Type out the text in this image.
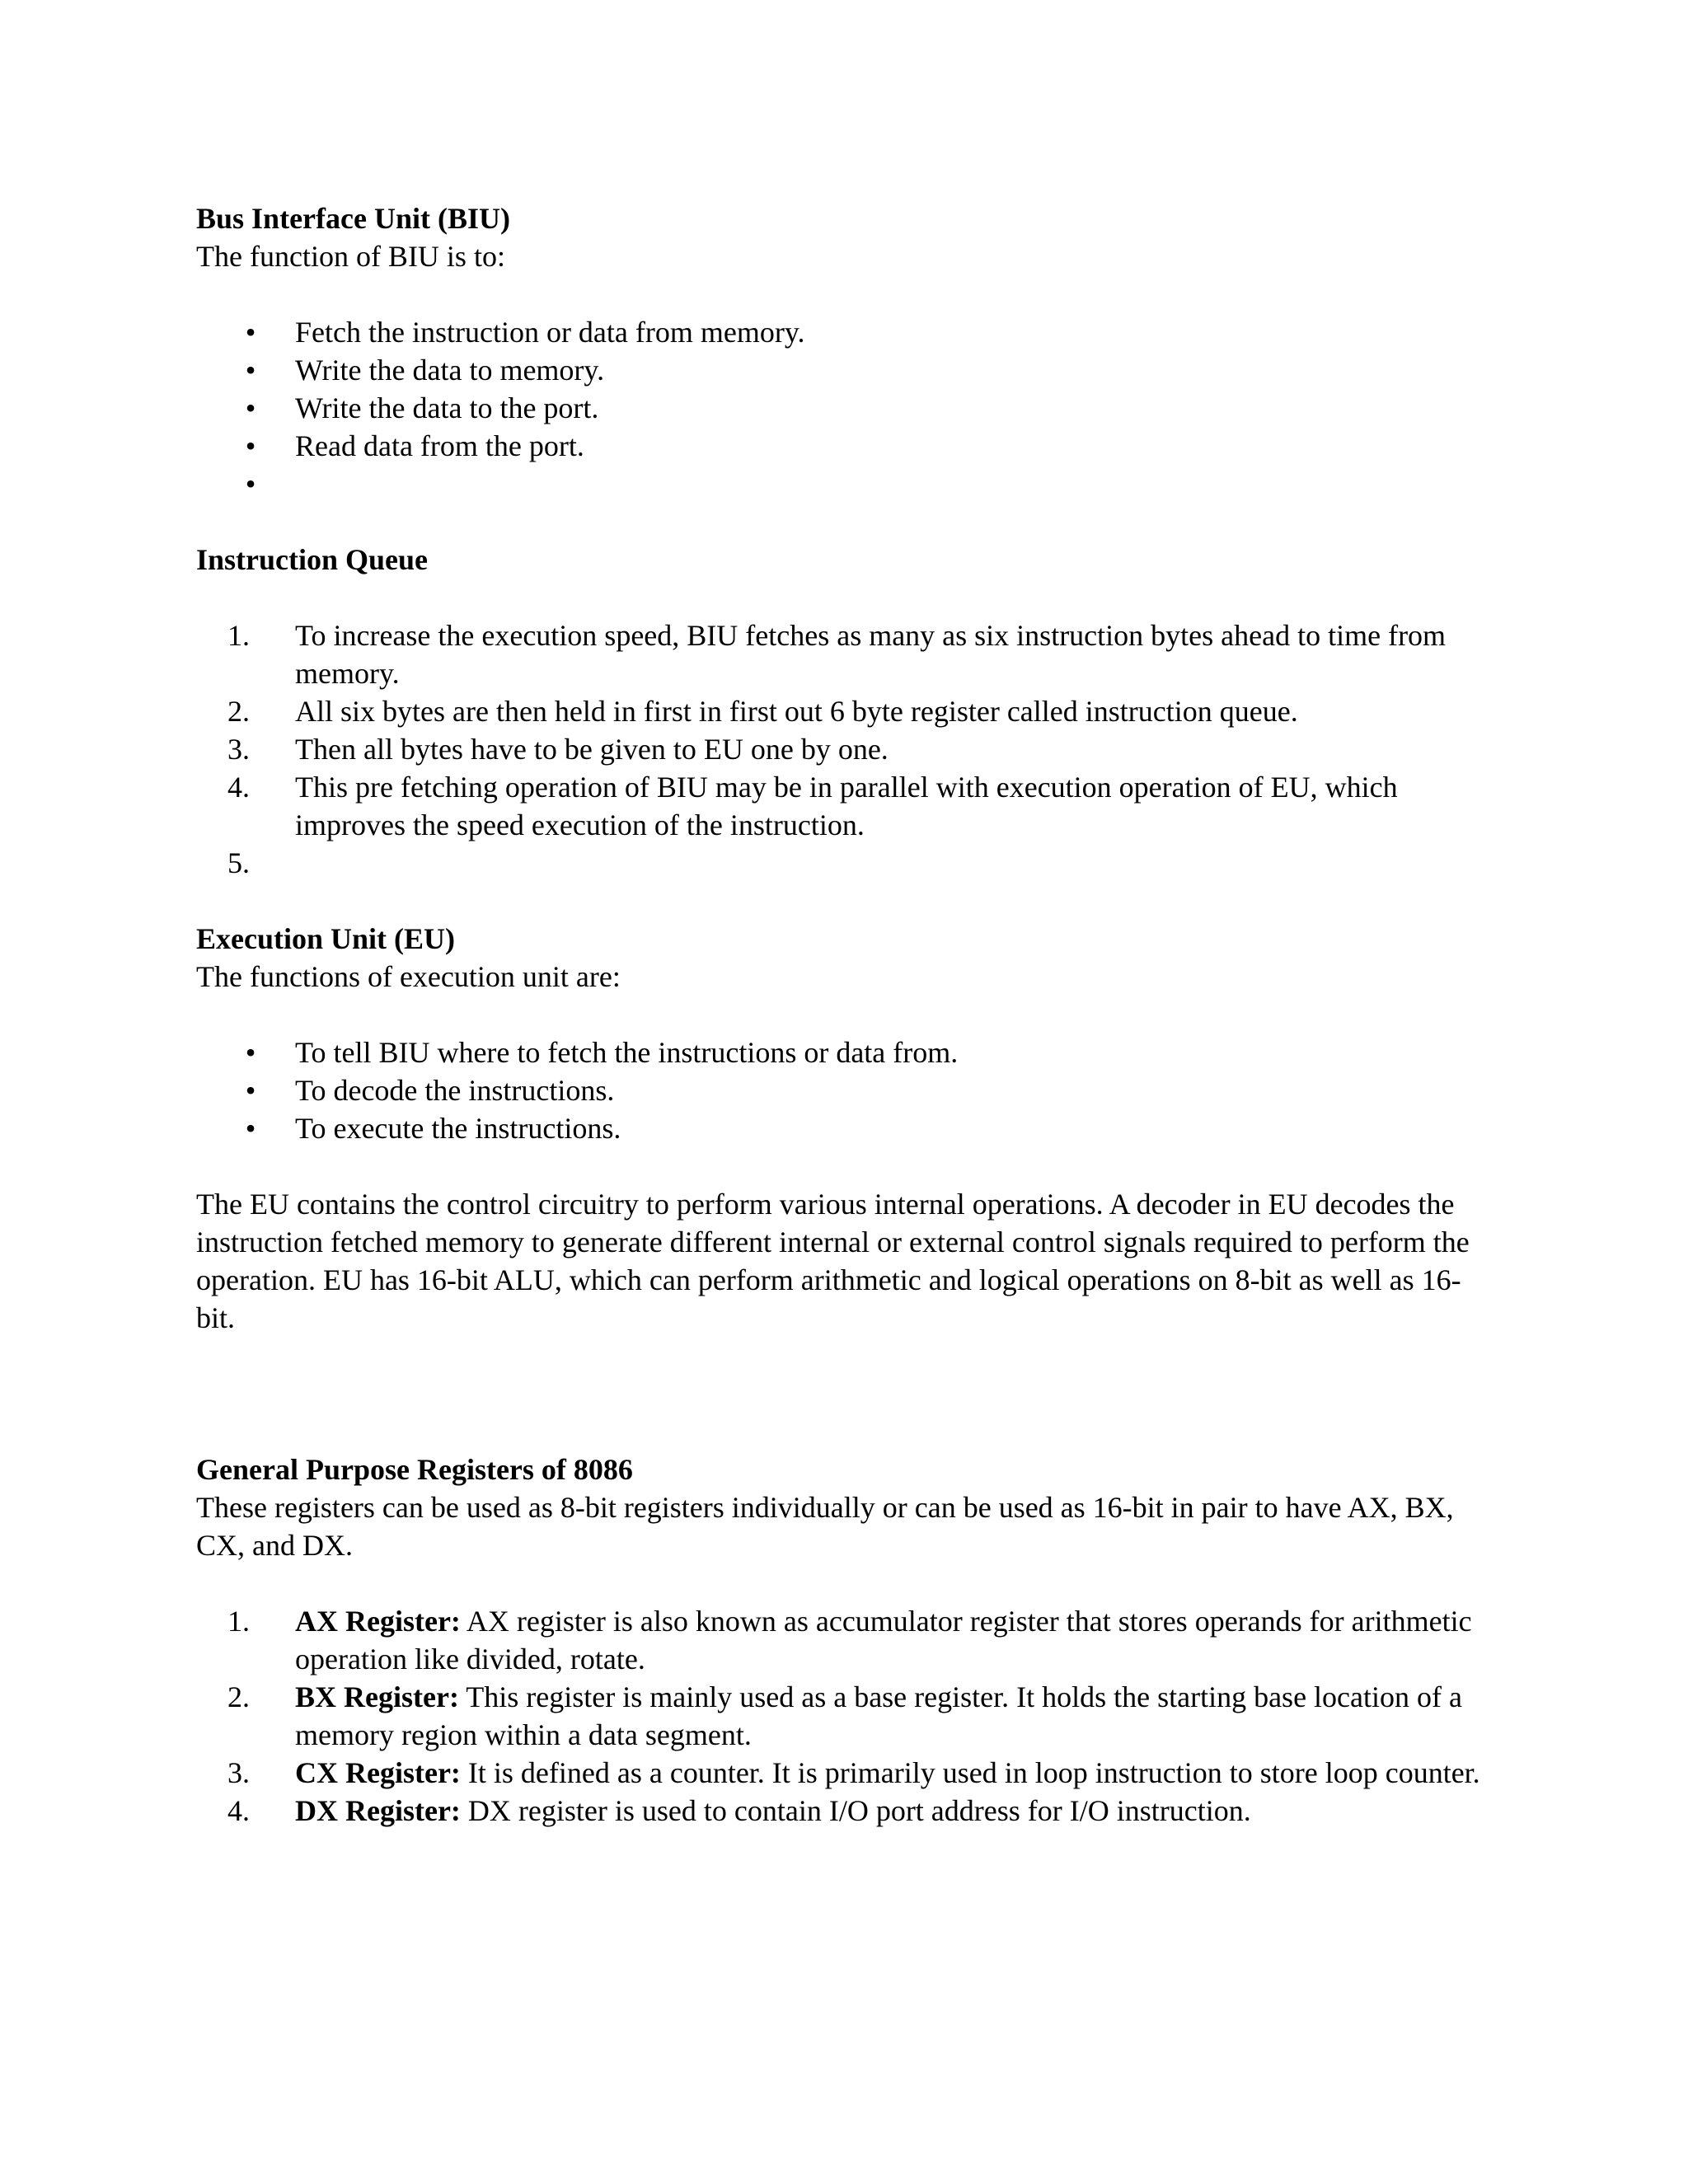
Bus Interface Unit (BIU)

The function of BIU is to:

• Fetch the instruction or data from memory.
• Write the data to memory.
• Write the data to the port.
• Read data from the port.
•

Instruction Queue

1.	To increase the execution speed, BIU fetches as many as six instruction bytes ahead to time from memory.
2.	All six bytes are then held in first in first out 6 byte register called instruction queue.
3.	Then all bytes have to be given to EU one by one.
4.	This pre fetching operation of BIU may be in parallel with execution operation of EU, which improves the speed execution of the instruction.
5.

Execution Unit (EU)

The functions of execution unit are:

• To tell BIU where to fetch the instructions or data from.
• To decode the instructions.
• To execute the instructions.

The EU contains the control circuitry to perform various internal operations. A decoder in EU decodes the instruction fetched memory to generate different internal or external control signals required to perform the operation. EU has 16-bit ALU, which can perform arithmetic and logical operations on 8-bit as well as 16-bit.

General Purpose Registers of 8086

These registers can be used as 8-bit registers individually or can be used as 16-bit in pair to have AX, BX, CX, and DX.

1.	AX Register: AX register is also known as accumulator register that stores operands for arithmetic operation like divided, rotate.
2.	BX Register: This register is mainly used as a base register. It holds the starting base location of a memory region within a data segment.
3.	CX Register: It is defined as a counter. It is primarily used in loop instruction to store loop counter.
4.	DX Register: DX register is used to contain I/O port address for I/O instruction.
